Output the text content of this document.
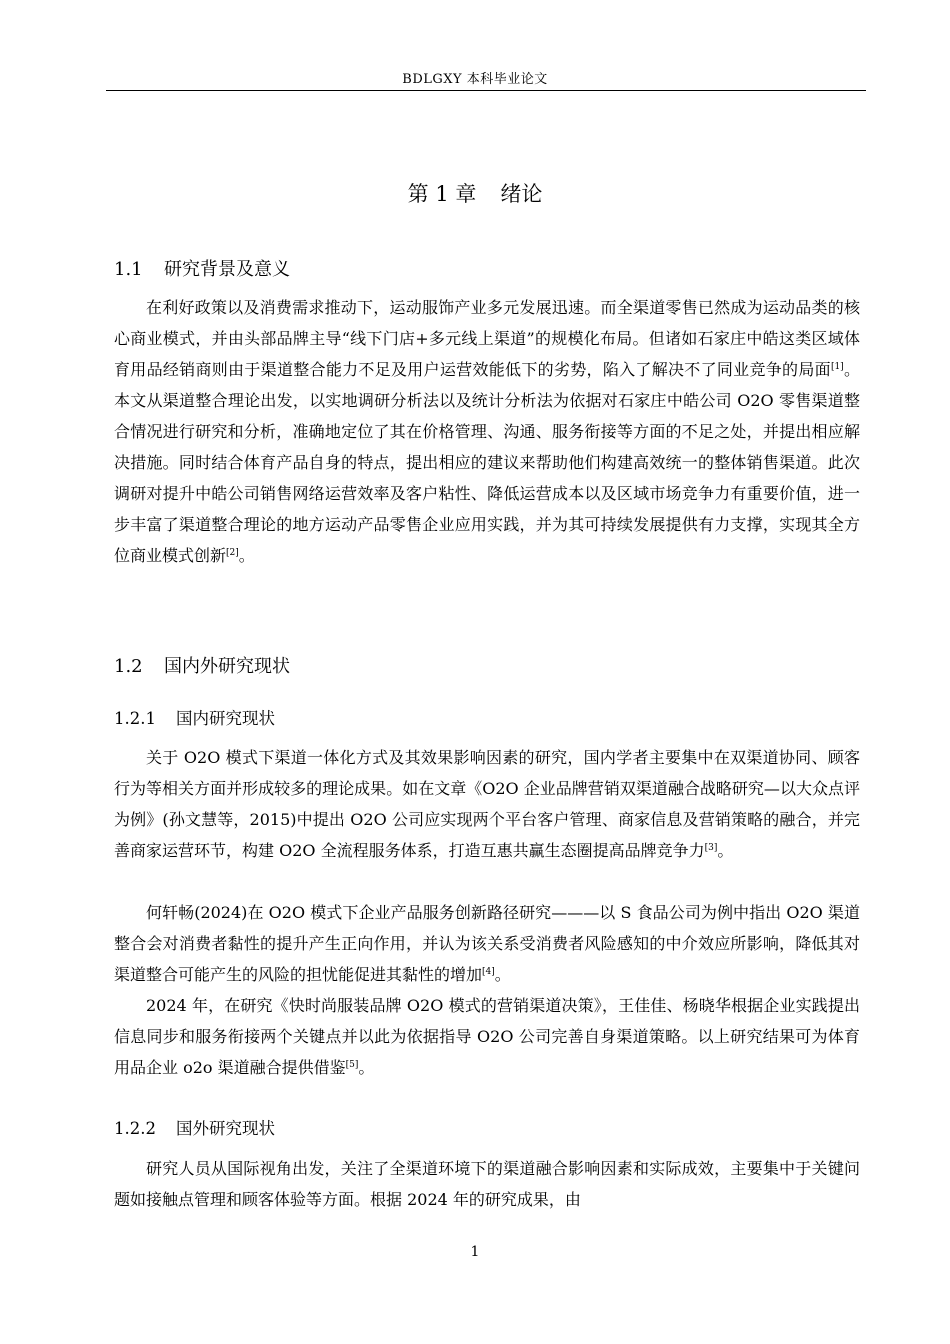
BDLGXY 本科毕业论文
第 1 章 绪论
1.1 研究背景及意义

在利好政策以及消费需求推动下，运动服饰产业多元发展迅速。而全渠道零售已然成为运动品类的核心商业模式，并由头部品牌主导“线下门店+多元线上渠道”的规模化布局。但诸如石家庄中皓这类区域体育用品经销商则由于渠道整合能力不足及用户运营效能低下的劣势，陷入了解决不了同业竞争的局面[1]。本文从渠道整合理论出发，以实地调研分析法以及统计分析法为依据对石家庄中皓公司 O2O 零售渠道整合情况进行研究和分析，准确地定位了其在价格管理、沟通、服务衔接等方面的不足之处，并提出相应解决措施。同时结合体育产品自身的特点，提出相应的建议来帮助他们构建高效统一的整体销售渠道。此次调研对提升中皓公司销售网络运营效率及客户粘性、降低运营成本以及区域市场竞争力有重要价值，进一步丰富了渠道整合理论的地方运动产品零售企业应用实践，并为其可持续发展提供有力支撑，实现其全方位商业模式创新[2]。

1.2 国内外研究现状
1.2.1 国内研究现状

关于 O2O 模式下渠道一体化方式及其效果影响因素的研究，国内学者主要集中在双渠道协同、顾客行为等相关方面并形成较多的理论成果。如在文章《O2O 企业品牌营销双渠道融合战略研究—以大众点评为例》(孙文慧等，2015)中提出 O2O 公司应实现两个平台客户管理、商家信息及营销策略的融合，并完善商家运营环节，构建 O2O 全流程服务体系，打造互惠共赢生态圈提高品牌竞争力[3]。

何轩畅(2024)在 O2O 模式下企业产品服务创新路径研究———以 S 食品公司为例中指出 O2O 渠道整合会对消费者黏性的提升产生正向作用，并认为该关系受消费者风险感知的中介效应所影响，降低其对渠道整合可能产生的风险的担忧能促进其黏性的增加[4]。

2024 年，在研究《快时尚服装品牌 O2O 模式的营销渠道决策》，王佳佳、杨晓华根据企业实践提出信息同步和服务衔接两个关键点并以此为依据指导 O2O 公司完善自身渠道策略。以上研究结果可为体育用品企业 o2o 渠道融合提供借鉴[5]。

1.2.2 国外研究现状

研究人员从国际视角出发，关注了全渠道环境下的渠道融合影响因素和实际成效，主要集中于关键问题如接触点管理和顾客体验等方面。根据 2024 年的研究成果，由

1
